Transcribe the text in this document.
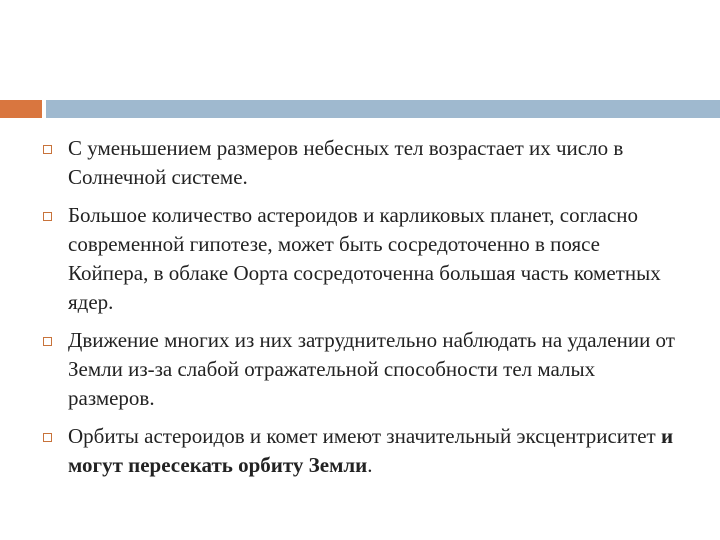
С уменьшением размеров небесных тел возрастает их число в Солнечной системе.
Большое количество астероидов и карликовых планет, согласно современной гипотезе, может быть сосредоточенно в поясе Койпера, в облаке Оорта сосредоточенна большая часть кометных ядер.
Движение многих из них затруднительно наблюдать на удалении от Земли из-за слабой отражательной способности тел малых размеров.
Орбиты астероидов и комет имеют значительный эксцентриситет и могут пересекать орбиту Земли.
